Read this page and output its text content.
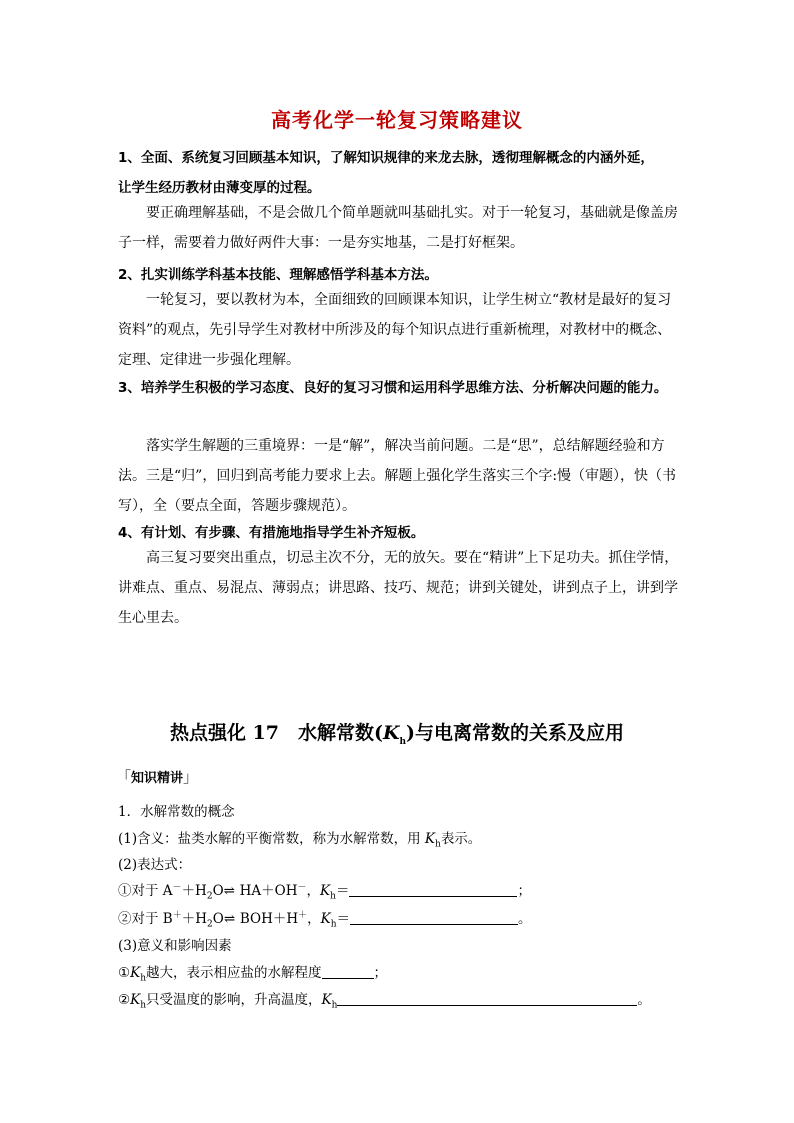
高考化学一轮复习策略建议
1、全面、系统复习回顾基本知识，了解知识规律的来龙去脉，透彻理解概念的内涵外延，
让学生经历教材由薄变厚的过程。
要正确理解基础，不是会做几个简单题就叫基础扎实。对于一轮复习，基础就是像盖房
子一样，需要着力做好两件大事：一是夯实地基，二是打好框架。
2、扎实训练学科基本技能、理解感悟学科基本方法。
一轮复习，要以教材为本，全面细致的回顾课本知识，让学生树立“教材是最好的复习
资料”的观点，先引导学生对教材中所涉及的每个知识点进行重新梳理，对教材中的概念、
定理、定律进一步强化理解。
3、培养学生积极的学习态度、良好的复习习惯和运用科学思维方法、分析解决问题的能力。
落实学生解题的三重境界：一是“解”，解决当前问题。二是“思”，总结解题经验和方
法。三是“归”，回归到高考能力要求上去。解题上强化学生落实三个字:慢（审题），快（书
写），全（要点全面，答题步骤规范）。
4、有计划、有步骤、有措施地指导学生补齐短板。
高三复习要突出重点，切忌主次不分，无的放矢。要在“精讲”上下足功夫。抓住学情，
讲难点、重点、易混点、薄弱点；讲思路、技巧、规范；讲到关键处，讲到点子上，讲到学
生心里去。
热点强化 17　水解常数$(K_h)$与电离常数的关系及应用
「知识精讲」
1．水解常数的概念
(1)含义：盐类水解的平衡常数，称为水解常数，用 $K_h$表示。
(2)表达式：
①对于 $A^-+H_2O\rightleftharpoons$ HA＋OH－，$K_h=$	；
②对于 $B^++H_2O\rightleftharpoons$ BOH＋H＋，$K_h=$	。
(3)意义和影响因素
$①K_h$越大，表示相应盐的水解程度	；
$②K_h$只受温度的影响，升高温度，$K_h$	。
